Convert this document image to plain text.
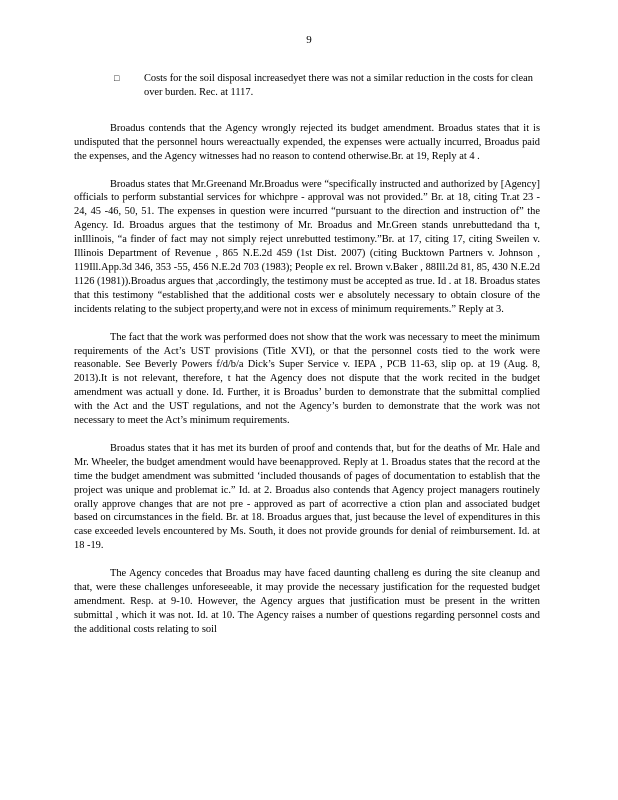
9
□ Costs for the soil disposal increasedyet there was not a similar reduction in the costs for clean over burden. Rec. at 1117.

Broadus contends that the Agency wrongly rejected its budget amendment. Broadus states that it is undisputed that the personnel hours wereactually expended, the expenses were actually incurred, Broadus paid the expenses, and the Agency witnesses had no reason to contend otherwise.Br. at 19, Reply at 4 .

Broadus states that Mr.Greenand Mr.Broadus were “specifically instructed and authorized by [Agency] officials to perform substantial services for whichpre - approval was not provided.” Br. at 18, citing Tr.at 23 - 24, 45 -46, 50, 51. The expenses in question were incurred “pursuant to the direction and instruction of” the Agency. Id. Broadus argues that the testimony of Mr. Broadus and Mr.Green stands unrebuttedand tha t, inIllinois, “a finder of fact may not simply reject unrebutted testimony.”Br. at 17, citing 17, citing Sweilen v. Illinois Department of Revenue , 865 N.E.2d 459 (1st Dist. 2007) (citing Bucktown Partners v. Johnson , 119Ill.App.3d 346, 353 -55, 456 N.E.2d 703 (1983); People ex rel. Brown v.Baker , 88Ill.2d 81, 85, 430 N.E.2d 1126 (1981)).Broadus argues that ,accordingly, the testimony must be accepted as true. Id . at 18. Broadus states that this testimony “established that the additional costs wer e absolutely necessary to obtain closure of the incidents relating to the subject property,and were not in excess of minimum requirements.” Reply at 3.

The fact that the work was performed does not show that the work was necessary to meet the minimum requirements of the Act’s UST provisions (Title XVI), or that the personnel costs tied to the work were reasonable. See Beverly Powers f/d/b/a Dick’s Super Service v. IEPA , PCB 11-63, slip op. at 19 (Aug. 8, 2013).It is not relevant, therefore, t hat the Agency does not dispute that the work recited in the budget amendment was actuall y done. Id. Further, it is Broadus’ burden to demonstrate that the submittal complied with the Act and the UST regulations, and not the Agency’s burden to demonstrate that the work was not necessary to meet the Act’s minimum requirements.

Broadus states that it has met its burden of proof and contends that, but for the deaths of Mr. Hale and Mr. Wheeler, the budget amendment would have beenapproved. Reply at 1. Broadus states that the record at the time the budget amendment was submitted ‘included thousands of pages of documentation to establish that the project was unique and problemat ic.” Id. at 2. Broadus also contends that Agency project managers routinely orally approve changes that are not pre - approved as part of acorrective a ction plan and associated budget based on circumstances in the field. Br. at 18. Broadus argues that, just because the level of expenditures in this case exceeded levels encountered by Ms. South, it does not provide grounds for denial of reimbursement. Id. at 18 -19.

The Agency concedes that Broadus may have faced daunting challeng es during the site cleanup and that, were these challenges unforeseeable, it may provide the necessary justification for the requested budget amendment. Resp. at 9-10. However, the Agency argues that justification must be present in the written submittal , which it was not. Id. at 10. The Agency raises a number of questions regarding personnel costs and the additional costs relating to soil
